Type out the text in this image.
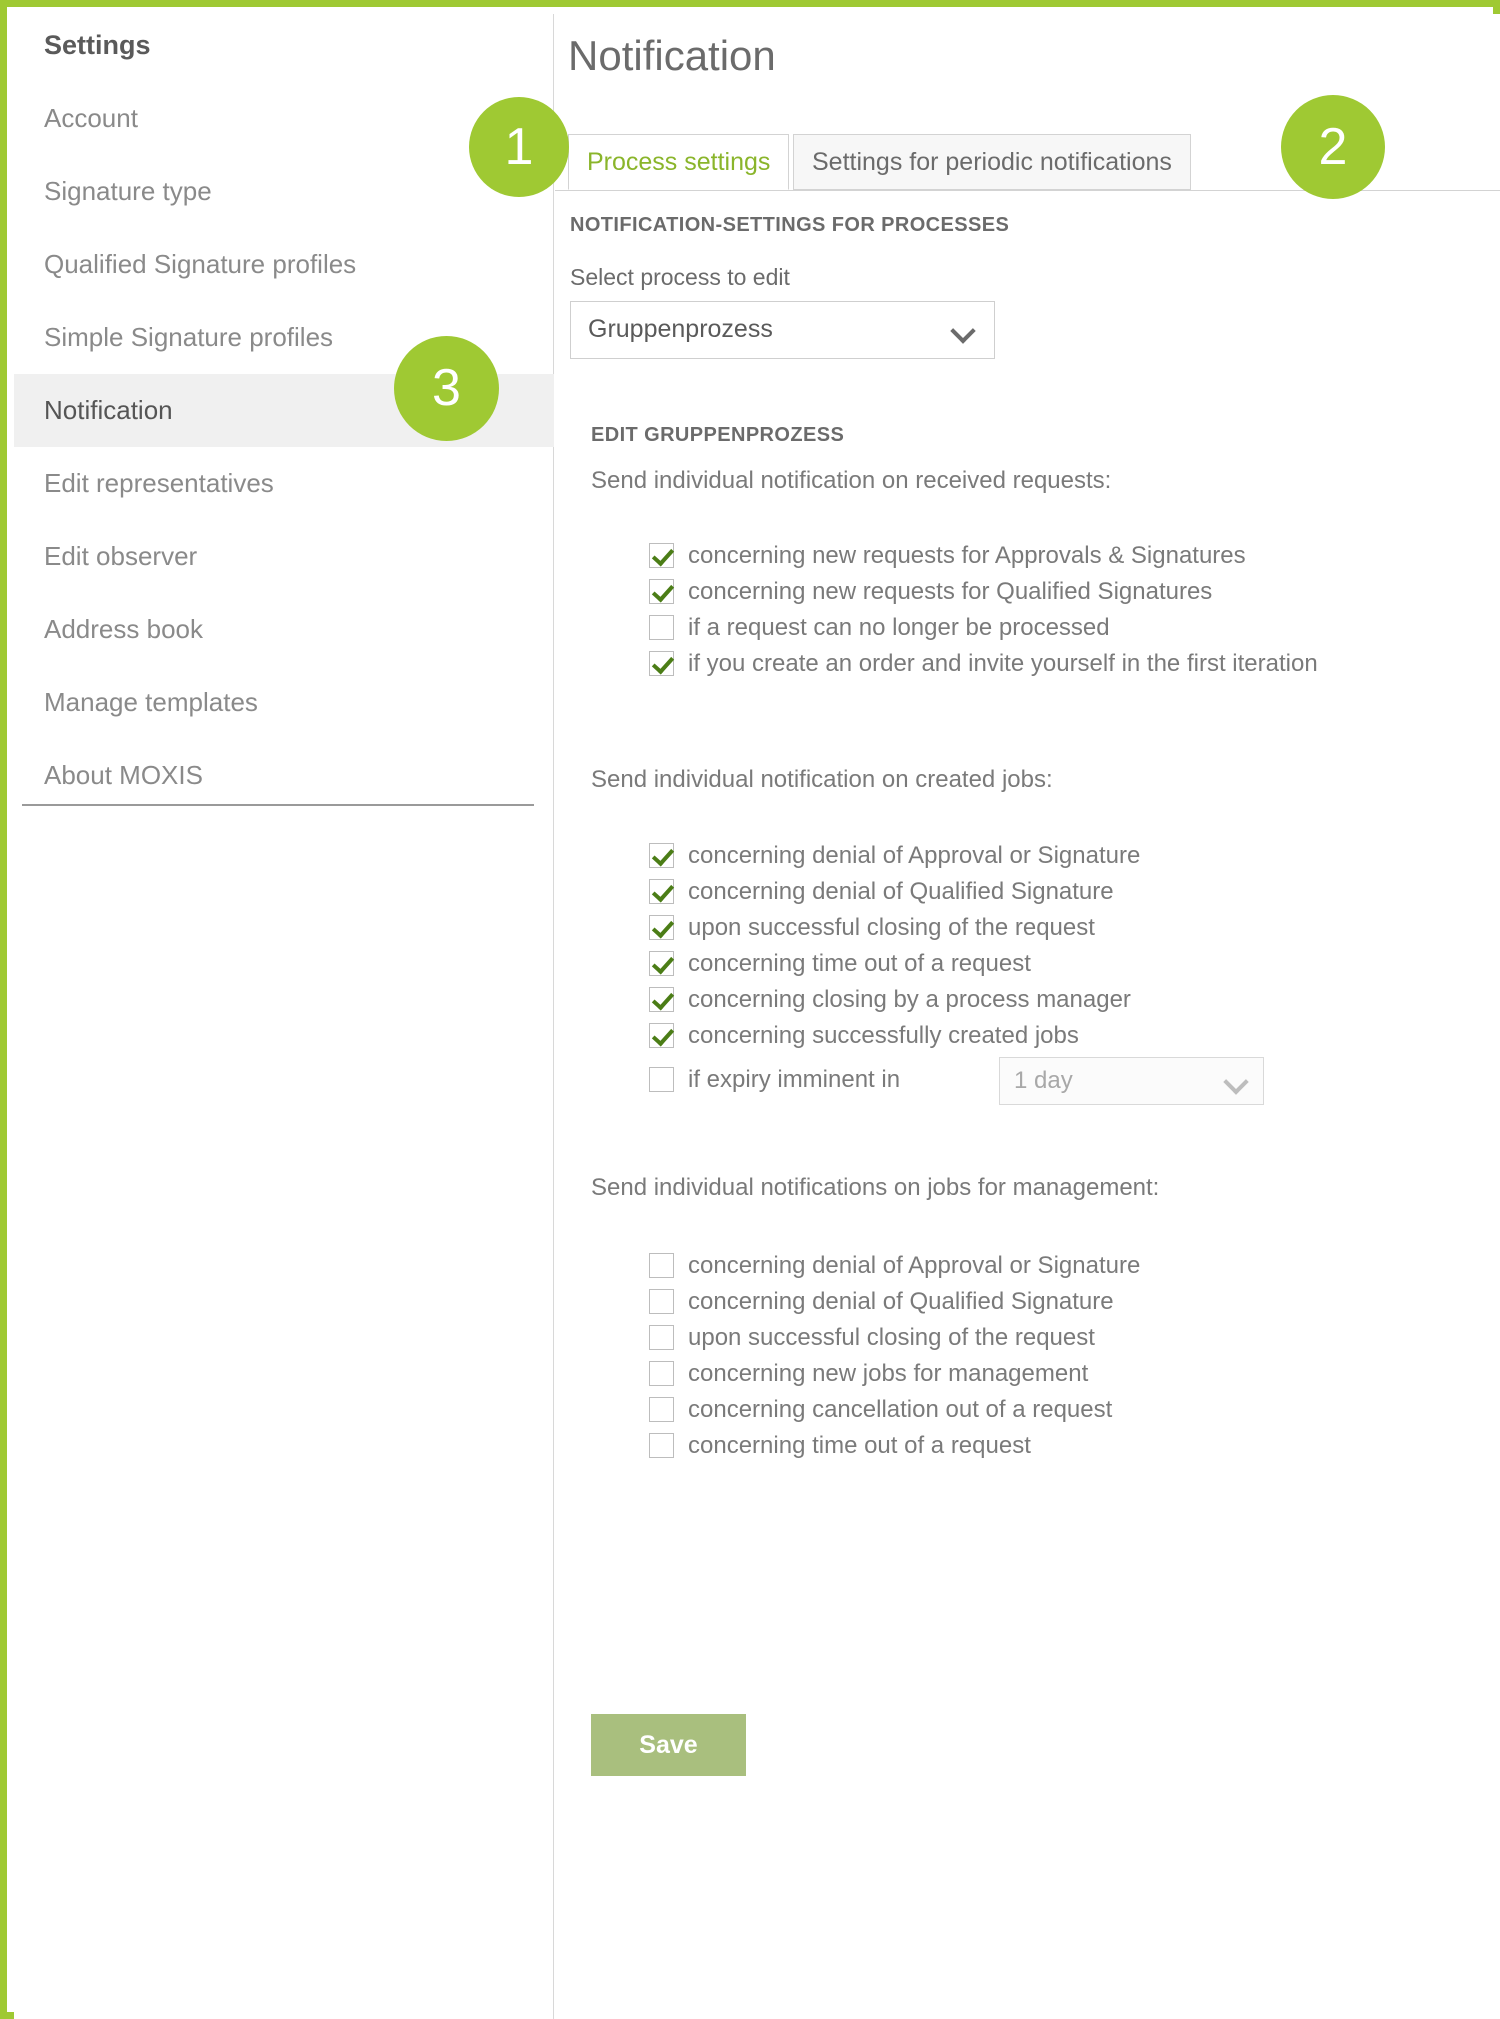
Settings
Account
Signature type
Qualified Signature profiles
Simple Signature profiles
Notification
Edit representatives
Edit observer
Address book
Manage templates
About MOXIS
Notification
Process settings	Settings for periodic notifications
NOTIFICATION-SETTINGS FOR PROCESSES
Select process to edit
Gruppenprozess
EDIT GRUPPENPROZESS
Send individual notification on received requests:
concerning new requests for Approvals & Signatures
concerning new requests for Qualified Signatures
if a request can no longer be processed
if you create an order and invite yourself in the first iteration
Send individual notification on created jobs:
concerning denial of Approval or Signature
concerning denial of Qualified Signature
upon successful closing of the request
concerning time out of a request
concerning closing by a process manager
concerning successfully created jobs
if expiry imminent in	1 day
Send individual notifications on jobs for management:
concerning denial of Approval or Signature
concerning denial of Qualified Signature
upon successful closing of the request
concerning new jobs for management
concerning cancellation out of a request
concerning time out of a request
Save
1	2
3
